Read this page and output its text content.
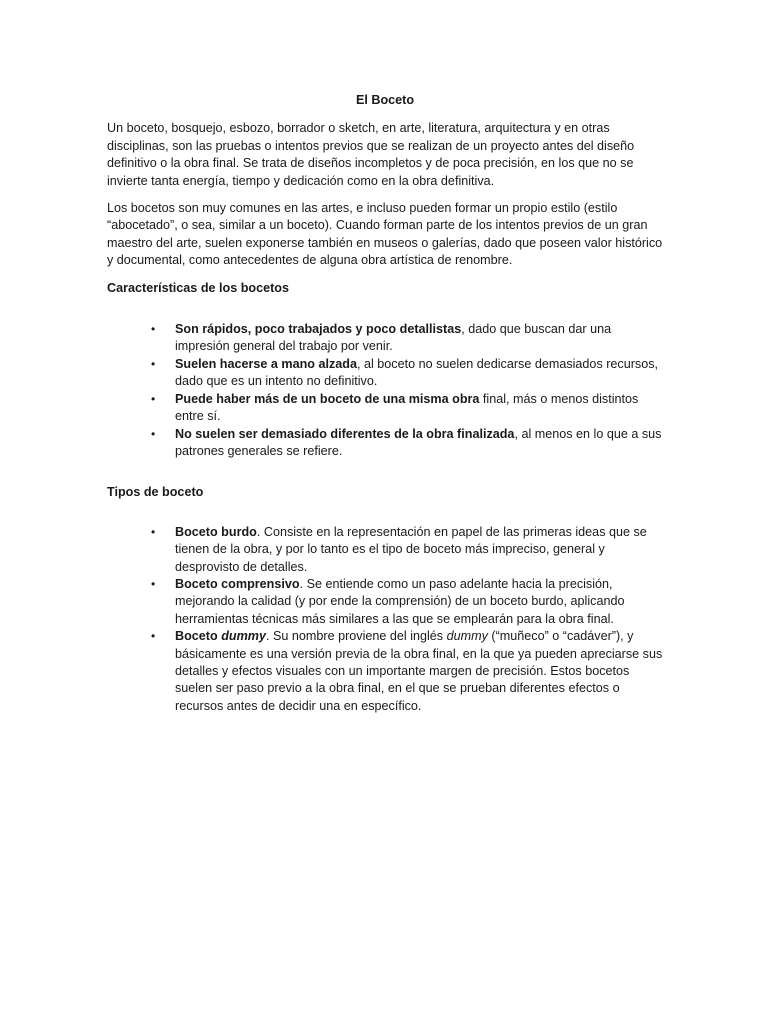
El Boceto

Un boceto, bosquejo, esbozo, borrador o sketch, en arte, literatura, arquitectura y en otras disciplinas, son las pruebas o intentos previos que se realizan de un proyecto antes del diseño definitivo o la obra final. Se trata de diseños incompletos y de poca precisión, en los que no se invierte tanta energía, tiempo y dedicación como en la obra definitiva.

Los bocetos son muy comunes en las artes, e incluso pueden formar un propio estilo (estilo “abocetado”, o sea, similar a un boceto). Cuando forman parte de los intentos previos de un gran maestro del arte, suelen exponerse también en museos o galerías, dado que poseen valor histórico y documental, como antecedentes de alguna obra artística de renombre.

Características de los bocetos
• Son rápidos, poco trabajados y poco detallistas, dado que buscan dar una impresión general del trabajo por venir.
• Suelen hacerse a mano alzada, al boceto no suelen dedicarse demasiados recursos, dado que es un intento no definitivo.
• Puede haber más de un boceto de una misma obra final, más o menos distintos entre sí.
• No suelen ser demasiado diferentes de la obra finalizada, al menos en lo que a sus patrones generales se refiere.
Tipos de boceto
• Boceto burdo. Consiste en la representación en papel de las primeras ideas que se tienen de la obra, y por lo tanto es el tipo de boceto más impreciso, general y desprovisto de detalles.
• Boceto comprensivo. Se entiende como un paso adelante hacia la precisión, mejorando la calidad (y por ende la comprensión) de un boceto burdo, aplicando herramientas técnicas más similares a las que se emplearán para la obra final.
• Boceto dummy. Su nombre proviene del inglés dummy (“muñeco” o “cadáver”), y básicamente es una versión previa de la obra final, en la que ya pueden apreciarse sus detalles y efectos visuales con un importante margen de precisión. Estos bocetos suelen ser paso previo a la obra final, en el que se prueban diferentes efectos o recursos antes de decidir una en específico.
